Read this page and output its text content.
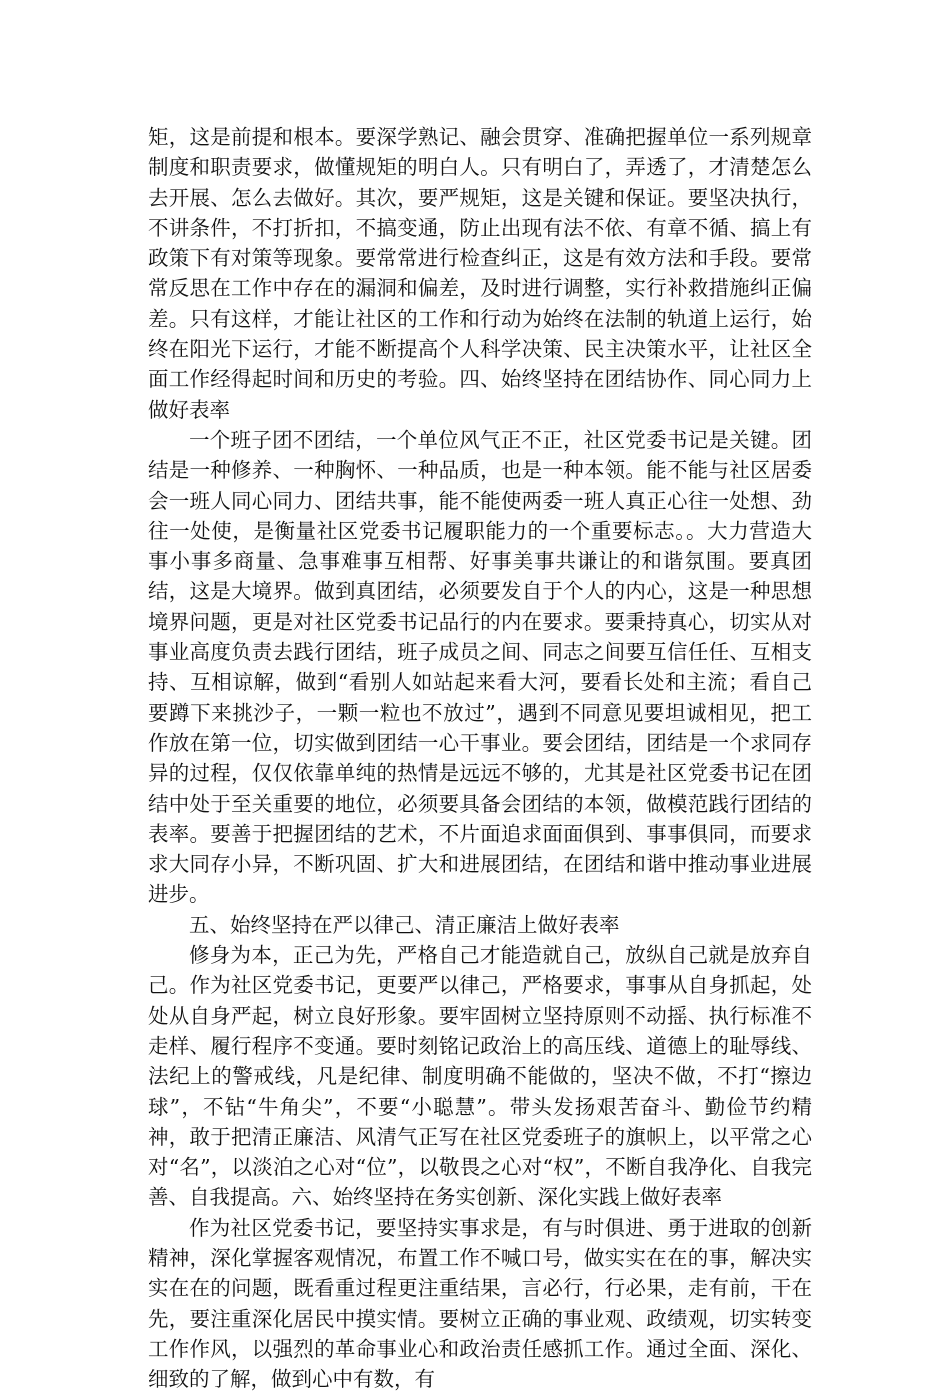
矩，这是前提和根本。要深学熟记、融会贯穿、准确把握单位一系列规章制度和职责要求，做懂规矩的明白人。只有明白了，弄透了，才清楚怎么去开展、怎么去做好。其次，要严规矩，这是关键和保证。要坚决执行，不讲条件，不打折扣，不搞变通，防止出现有法不依、有章不循、搞上有政策下有对策等现象。要常常进行检查纠正，这是有效方法和手段。要常常反思在工作中存在的漏洞和偏差，及时进行调整，实行补救措施纠正偏差。只有这样，才能让社区的工作和行动为始终在法制的轨道上运行，始终在阳光下运行，才能不断提高个人科学决策、民主决策水平，让社区全面工作经得起时间和历史的考验。四、始终坚持在团结协作、同心同力上做好表率

一个班子团不团结，一个单位风气正不正，社区党委书记是关键。团结是一种修养、一种胸怀、一种品质，也是一种本领。能不能与社区居委会一班人同心同力、团结共事，能不能使两委一班人真正心往一处想、劲往一处使，是衡量社区党委书记履职能力的一个重要标志。。大力营造大事小事多商量、急事难事互相帮、好事美事共谦让的和谐氛围。要真团结，这是大境界。做到真团结，必须要发自于个人的内心，这是一种思想境界问题，更是对社区党委书记品行的内在要求。要秉持真心，切实从对事业高度负责去践行团结，班子成员之间、同志之间要互信任任、互相支持、互相谅解，做到“看别人如站起来看大河，要看长处和主流；看自己要蹲下来挑沙子，一颗一粒也不放过”，遇到不同意见要坦诚相见，把工作放在第一位，切实做到团结一心干事业。要会团结，团结是一个求同存异的过程，仅仅依靠单纯的热情是远远不够的，尤其是社区党委书记在团结中处于至关重要的地位，必须要具备会团结的本领，做模范践行团结的表率。要善于把握团结的艺术，不片面追求面面俱到、事事俱同，而要求求大同存小异，不断巩固、扩大和进展团结，在团结和谐中推动事业进展进步。

五、始终坚持在严以律己、清正廉洁上做好表率

修身为本，正己为先，严格自己才能造就自己，放纵自己就是放弃自己。作为社区党委书记，更要严以律己，严格要求，事事从自身抓起，处处从自身严起，树立良好形象。要牢固树立坚持原则不动摇、执行标准不走样、履行程序不变通。要时刻铭记政治上的高压线、道德上的耻辱线、法纪上的警戒线，凡是纪律、制度明确不能做的，坚决不做，不打“擦边球”，不钻“牛角尖”，不要“小聪慧”。带头发扬艰苦奋斗、勤俭节约精神，敢于把清正廉洁、风清气正写在社区党委班子的旗帜上，以平常之心对“名”，以淡泊之心对“位”，以敬畏之心对“权”，不断自我净化、自我完善、自我提高。六、始终坚持在务实创新、深化实践上做好表率

作为社区党委书记，要坚持实事求是，有与时俱进、勇于进取的创新精神，深化掌握客观情况，布置工作不喊口号，做实实在在的事，解决实实在在的问题，既看重过程更注重结果，言必行，行必果，走有前，干在先，要注重深化居民中摸实情。要树立正确的事业观、政绩观，切实转变工作作风，以强烈的革命事业心和政治责任感抓工作。通过全面、深化、细致的了解，做到心中有数，有
